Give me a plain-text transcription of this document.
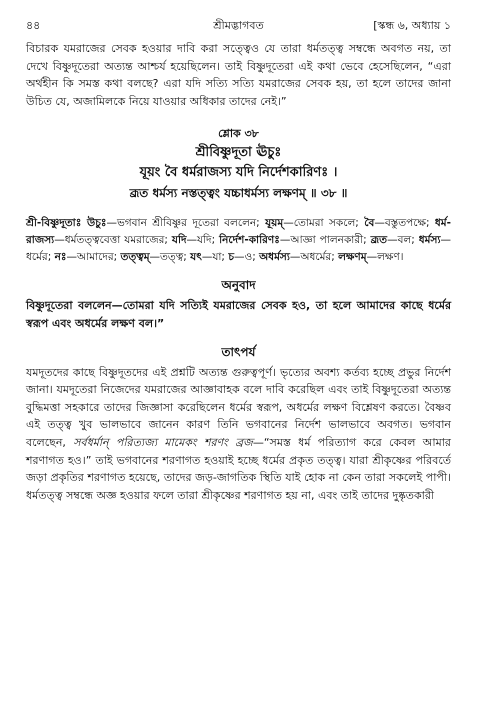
৪৪	শ্রীমদ্ভাগবত	[স্কন্ধ ৬, অধ্যায় ১

বিচারক যমরাজের সেবক হওয়ার দাবি করা সত্ত্বেও যে তারা ধর্মতত্ত্ব সম্বন্ধে অবগত নয়, তা দেখে বিষ্ণুদূতেরা অত্যন্ত আশ্চর্য হয়েছিলেন। তাই বিষ্ণুদূতেরা এই কথা ভেবে হেসেছিলেন, “এরা অর্থহীন কি সমস্ত কথা বলছে? এরা যদি সত্যি সত্যি যমরাজের সেবক হয়, তা হলে তাদের জানা উচিত যে, অজামিলকে নিয়ে যাওয়ার অধিকার তাদের নেই।”

শ্লোক ৩৮
শ্রীবিষ্ণুদূতা ঊচুঃ
যূয়ং বৈ ধর্মরাজস্য যদি নির্দেশকারিণঃ ।
ব্রূত ধর্মস্য নস্তত্ত্বং যচ্চাধর্মস্য লক্ষণম্ ॥ ৩৮ ॥

শ্রী-বিষ্ণুদূতাঃ উচুঃ—ভগবান শ্রীবিষ্ণুর দূতেরা বললেন; যূয়ম্—তোমরা সকলে; বৈ—বস্তুতপক্ষে; ধর্ম-রাজস্য—ধর্মতত্ত্ববেত্তা যমরাজের; যদি—যদি; নির্দেশ-কারিণঃ—আজ্ঞা পালনকারী; ব্রূত—বল; ধর্মস্য—ধর্মের; নঃ—আমাদের; তত্ত্বম্—তত্ত্ব; যৎ—যা; চ—ও; অধর্মস্য—অধর্মের; লক্ষণম্—লক্ষণ।

অনুবাদ

বিষ্ণুদূতেরা বললেন—তোমরা যদি সত্যিই যমরাজের সেবক হও, তা হলে আমাদের কাছে ধর্মের স্বরূপ এবং অধর্মের লক্ষণ বল।”

তাৎপর্য

যমদূতদের কাছে বিষ্ণুদূতদের এই প্রশ্নটি অত্যন্ত গুরুত্বপূর্ণ। ভৃত্যের অবশ্য কর্তব্য হচ্ছে প্রভুর নির্দেশ জানা। যমদূতেরা নিজেদের যমরাজের আজ্ঞাবাহক বলে দাবি করেছিল এবং তাই বিষ্ণুদূতেরা অত্যন্ত বুদ্ধিমত্তা সহকারে তাদের জিজ্ঞাসা করেছিলেন ধর্মের স্বরূপ, অধর্মের লক্ষণ বিশ্লেষণ করতে। বৈষ্ণব এই তত্ত্ব খুব ভালভাবে জানেন কারণ তিনি ভগবানের নির্দেশ ভালভাবে অবগত। ভগবান বলেছেন, সর্বধর্মান্‌ পরিত্যজ্য মামেকং শরণং ব্রজ—“সমস্ত ধর্ম পরিত্যাগ করে কেবল আমার শরণাগত হও।” তাই ভগবানের শরণাগত হওয়াই হচ্ছে ধর্মের প্রকৃত তত্ত্ব। যারা শ্রীকৃষ্ণের পরিবর্তে জড়া প্রকৃতির শরণাগত হয়েছে, তাদের জড়-জাগতিক স্থিতি যাই হোক না কেন তারা সকলেই পাপী। ধর্মতত্ত্ব সম্বন্ধে অজ্ঞ হওয়ার ফলে তারা শ্রীকৃষ্ণের শরণাগত হয় না, এবং তাই তাদের দুষ্কৃতকারী
